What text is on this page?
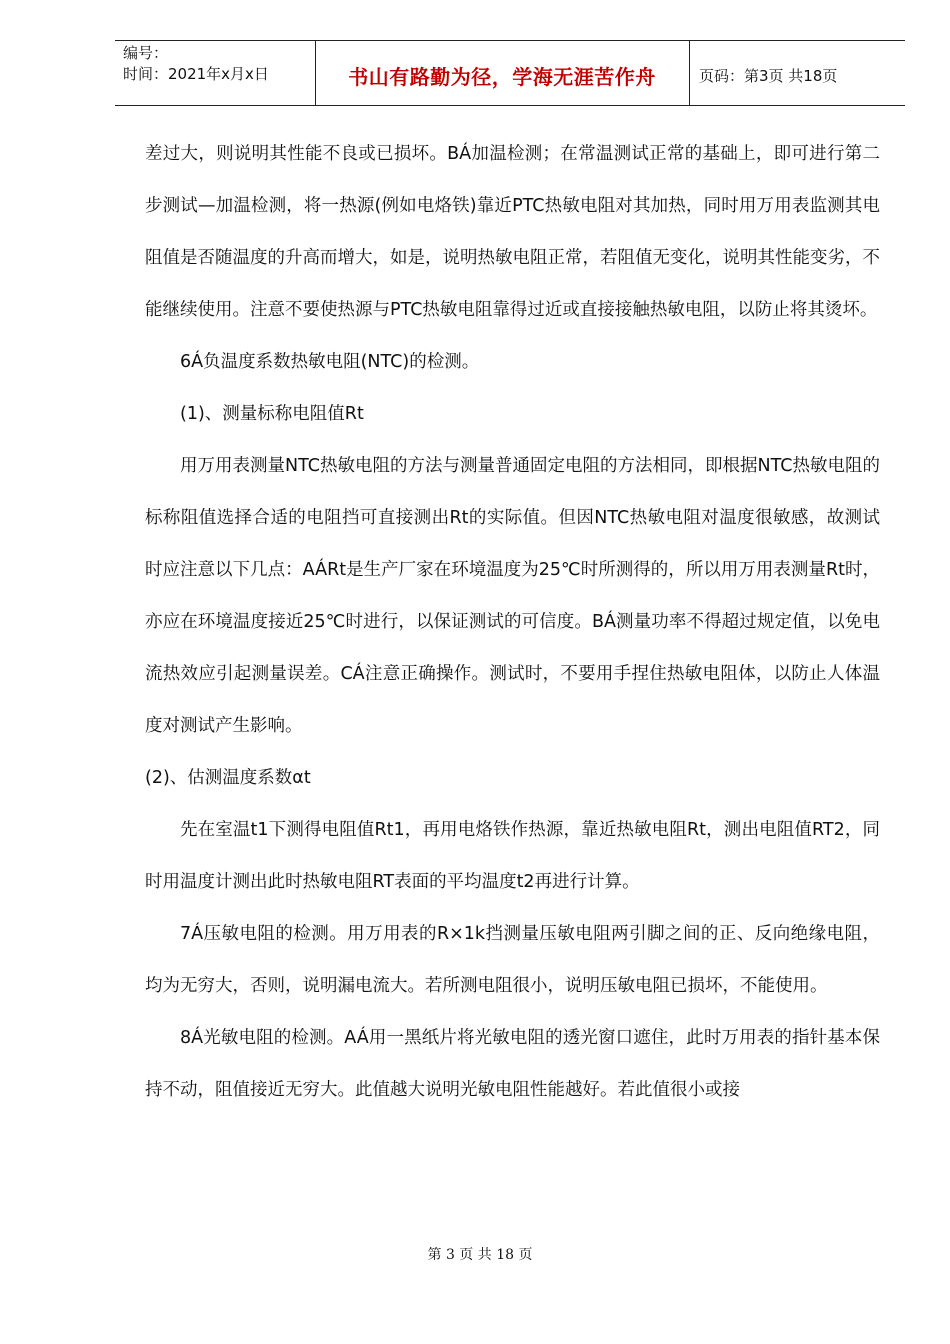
编号：
时间：2021年x月x日	书山有路勤为径，学海无涯苦作舟	页码：第3页 共18页

差过大，则说明其性能不良或已损坏。BÁ加温检测；在常温测试正常的基础上，即可进行第二步测试—加温检测，将一热源(例如电烙铁)靠近PTC热敏电阻对其加热，同时用万用表监测其电阻值是否随温度的升高而增大，如是，说明热敏电阻正常，若阻值无变化，说明其性能变劣，不能继续使用。注意不要使热源与PTC热敏电阻靠得过近或直接接触热敏电阻，以防止将其烫坏。

6Á负温度系数热敏电阻(NTC)的检测。

(1)、测量标称电阻值Rt

用万用表测量NTC热敏电阻的方法与测量普通固定电阻的方法相同，即根据NTC热敏电阻的标称阻值选择合适的电阻挡可直接测出Rt的实际值。但因NTC热敏电阻对温度很敏感，故测试时应注意以下几点：AÁRt是生产厂家在环境温度为25℃时所测得的，所以用万用表测量Rt时，亦应在环境温度接近25℃时进行，以保证测试的可信度。BÁ测量功率不得超过规定值，以免电流热效应引起测量误差。CÁ注意正确操作。测试时，不要用手捏住热敏电阻体，以防止人体温度对测试产生影响。

(2)、估测温度系数αt

先在室温t1下测得电阻值Rt1，再用电烙铁作热源，靠近热敏电阻Rt，测出电阻值RT2，同时用温度计测出此时热敏电阻RT表面的平均温度t2再进行计算。

7Á压敏电阻的检测。用万用表的R×1k挡测量压敏电阻两引脚之间的正、反向绝缘电阻，均为无穷大，否则，说明漏电流大。若所测电阻很小，说明压敏电阻已损坏，不能使用。

8Á光敏电阻的检测。AÁ用一黑纸片将光敏电阻的透光窗口遮住，此时万用表的指针基本保持不动，阻值接近无穷大。此值越大说明光敏电阻性能越好。若此值很小或接

第 3 页 共 18 页
